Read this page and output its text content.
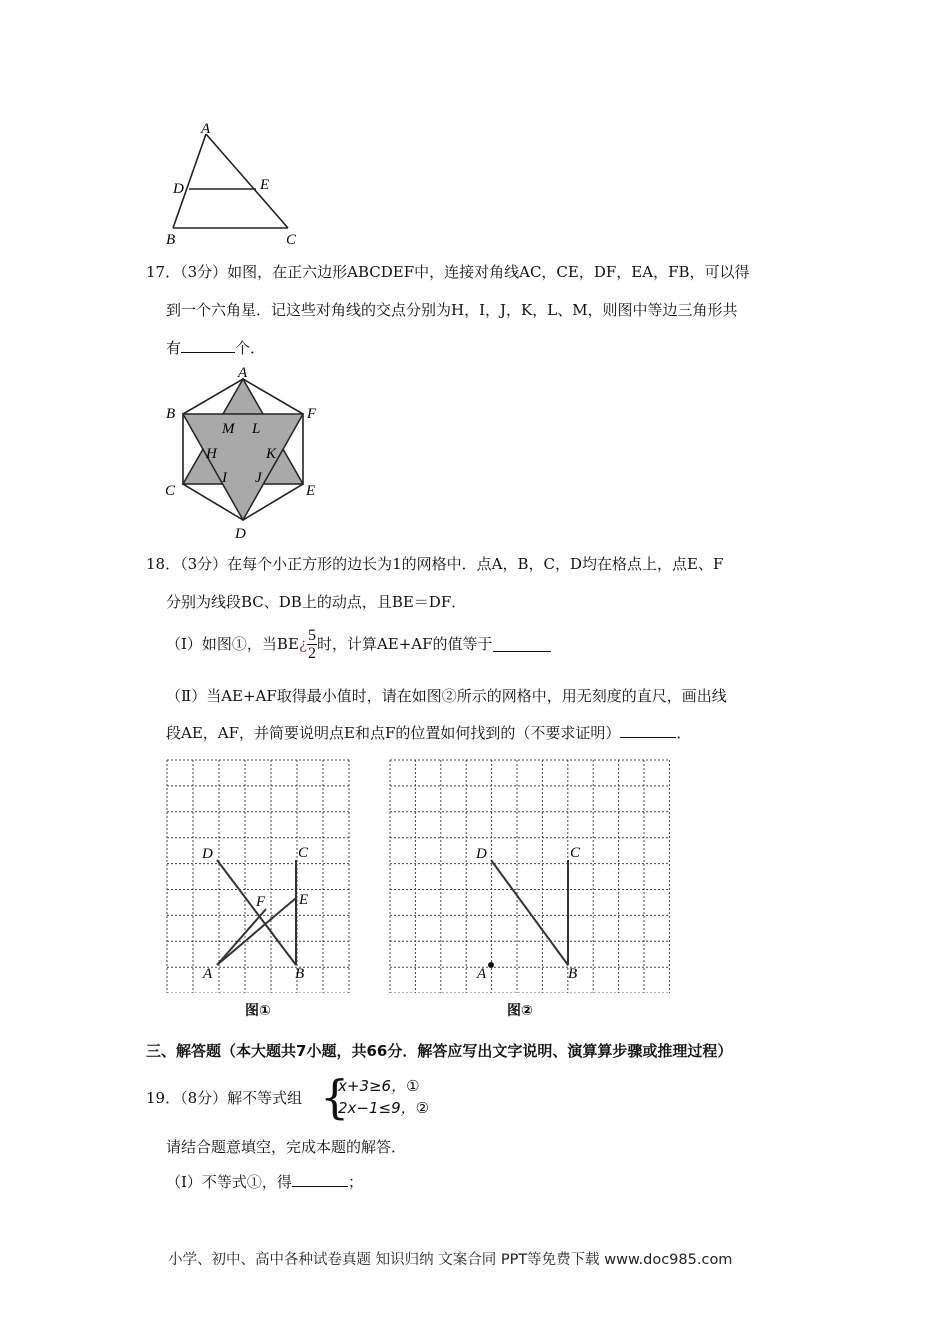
A
D	E
B	C
17．（3分）如图，在正六边形ABCDEF中，连接对角线AC，CE，DF，EA，FB，可以得
到一个六角星．记这些对角线的交点分别为H，I，J，K，L、M，则图中等边三角形共
有	个．
A
B	F
M L
H	K
I J
C	E
D
18．（3分）在每个小正方形的边长为1的网格中．点A，B，C，D均在格点上，点E、F
分别为线段BC、DB上的动点，且BE＝DF．
（Ⅰ）如图①，当BE ¿ $\frac{5}{2}$ 时，计算AE+AF的值等于
（Ⅱ）当AE+AF取得最小值时，请在如图②所示的网格中，用无刻度的直尺，画出线
段AE，AF，并简要说明点E和点F的位置如何找到的（不要求证明）	．
D	C
F E
A	B
图①
D	C
A	B
图②
三、解答题（本大题共7小题，共66分．解答应写出文字说明、演算算步骤或推理过程）
19．（8分）解不等式组 {
x+3≥6，①
2x−1≤9，②
请结合题意填空，完成本题的解答．
（Ⅰ）不等式①，得	；
小学、初中、高中各种试卷真题 知识归纳 文案合同 PPT等免费下载 www.doc985.com
